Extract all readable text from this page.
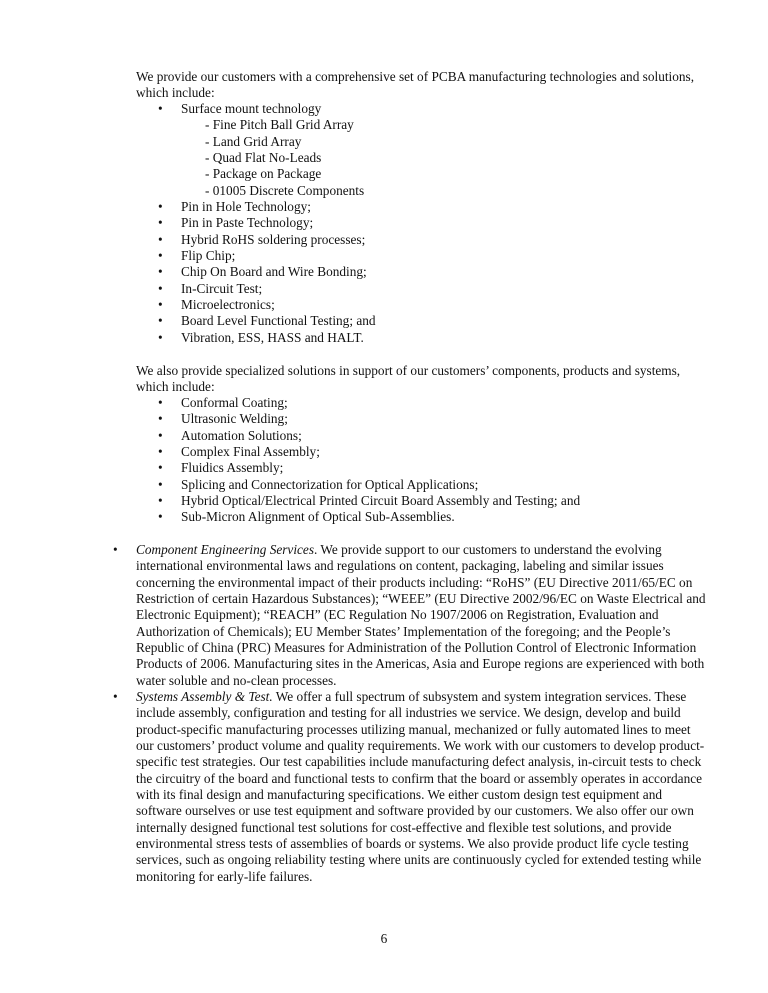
We provide our customers with a comprehensive set of PCBA manufacturing technologies and solutions,
which include:
• Surface mount technology
- Fine Pitch Ball Grid Array
- Land Grid Array
- Quad Flat No-Leads
- Package on Package
- 01005 Discrete Components
• Pin in Hole Technology;
• Pin in Paste Technology;
• Hybrid RoHS soldering processes;
• Flip Chip;
• Chip On Board and Wire Bonding;
• In-Circuit Test;
• Microelectronics;
• Board Level Functional Testing; and
• Vibration, ESS, HASS and HALT.
We also provide specialized solutions in support of our customers’ components, products and systems,
which include:
• Conformal Coating;
• Ultrasonic Welding;
• Automation Solutions;
• Complex Final Assembly;
• Fluidics Assembly;
• Splicing and Connectorization for Optical Applications;
• Hybrid Optical/Electrical Printed Circuit Board Assembly and Testing; and
• Sub-Micron Alignment of Optical Sub-Assemblies.
• Component Engineering Services. We provide support to our customers to understand the evolving
international environmental laws and regulations on content, packaging, labeling and similar issues
concerning the environmental impact of their products including: “RoHS” (EU Directive 2011/65/EC on
Restriction of certain Hazardous Substances); “WEEE” (EU Directive 2002/96/EC on Waste Electrical and
Electronic Equipment); “REACH” (EC Regulation No 1907/2006 on Registration, Evaluation and
Authorization of Chemicals); EU Member States’ Implementation of the foregoing; and the People’s
Republic of China (PRC) Measures for Administration of the Pollution Control of Electronic Information
Products of 2006. Manufacturing sites in the Americas, Asia and Europe regions are experienced with both
water soluble and no-clean processes.
• Systems Assembly & Test. We offer a full spectrum of subsystem and system integration services. These
include assembly, configuration and testing for all industries we service. We design, develop and build
product-specific manufacturing processes utilizing manual, mechanized or fully automated lines to meet
our customers’ product volume and quality requirements. We work with our customers to develop product-
specific test strategies. Our test capabilities include manufacturing defect analysis, in-circuit tests to check
the circuitry of the board and functional tests to confirm that the board or assembly operates in accordance
with its final design and manufacturing specifications. We either custom design test equipment and
software ourselves or use test equipment and software provided by our customers. We also offer our own
internally designed functional test solutions for cost-effective and flexible test solutions, and provide
environmental stress tests of assemblies of boards or systems. We also provide product life cycle testing
services, such as ongoing reliability testing where units are continuously cycled for extended testing while
monitoring for early-life failures.
6
